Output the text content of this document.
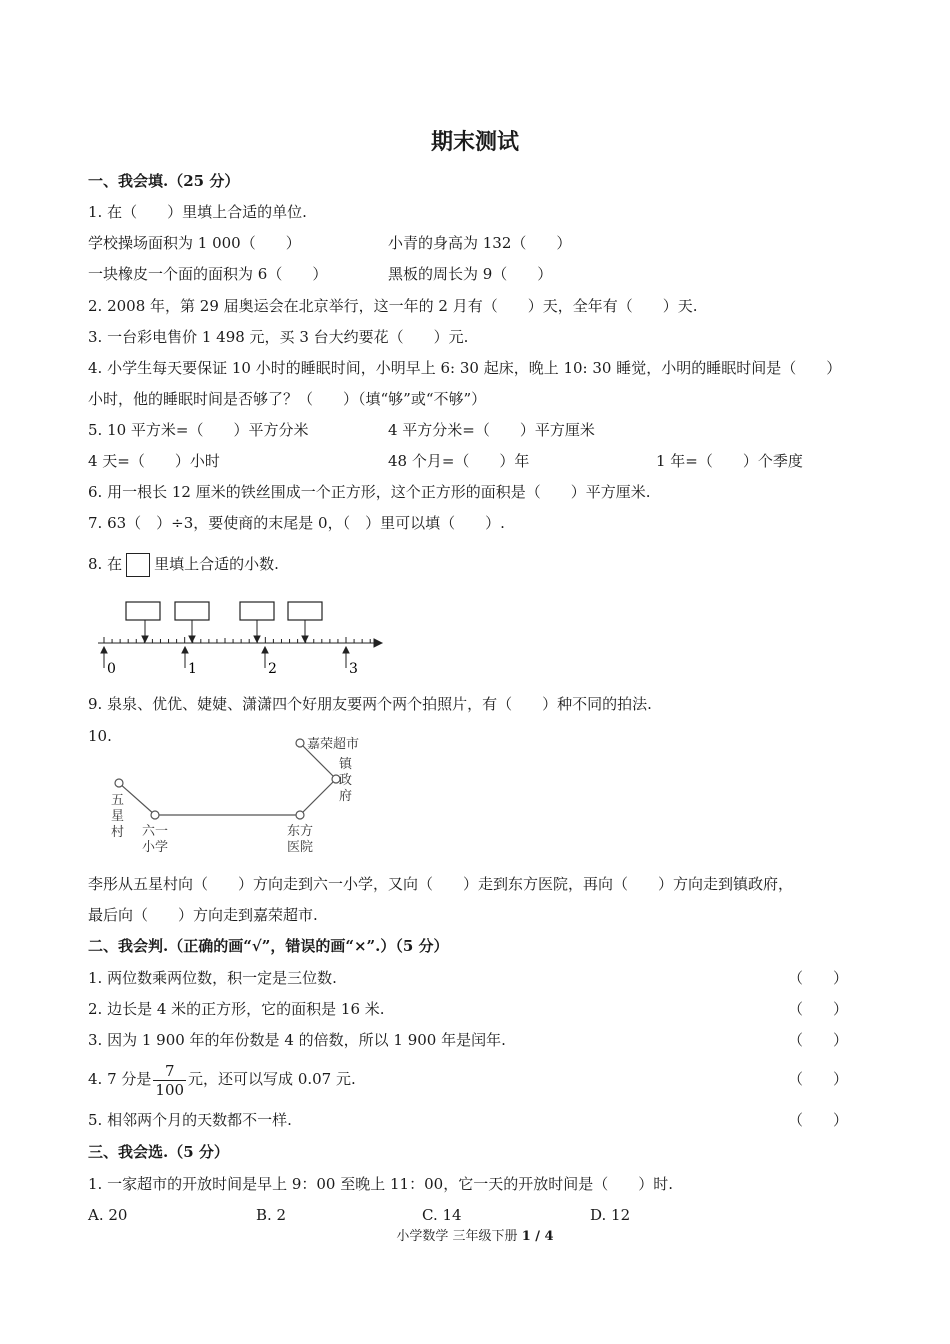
期末测试
一、我会填.（25 分）
1. 在（　　）里填上合适的单位.
学校操场面积为 1 000（　　）	小青的身高为 132（　　）
一块橡皮一个面的面积为 6（　　）	黑板的周长为 9（　　）
2. 2008 年，第 29 届奥运会在北京举行，这一年的 2 月有（　　）天，全年有（　　）天.
3. 一台彩电售价 1 498 元，买 3 台大约要花（　　）元.
4. 小学生每天要保证 10 小时的睡眠时间，小明早上 6: 30 起床，晚上 10: 30 睡觉，小明的睡眠时间是（　　）
小时，他的睡眠时间是否够了？（　　）（填“够”或“不够”）
5. 10 平方米=（　　）平方分米	4 平方分米=（　　）平方厘米
4 天=（　　）小时	48 个月=（　　）年	1 年=（　　）个季度
6. 用一根长 12 厘米的铁丝围成一个正方形，这个正方形的面积是（　　）平方厘米.
7. 63（　）÷3，要使商的末尾是 0，（　）里可以填（　　）.
8. 在 里填上合适的小数.
0	1	2	3
9. 泉泉、优优、婕婕、潇潇四个好朋友要两个两个拍照片，有（　　）种不同的拍法.
10.
五
星
村 六一
小学
东方
医院
镇
政
府
嘉荣超市
李彤从五星村向（　　）方向走到六一小学，又向（　　）走到东方医院，再向（　　）方向走到镇政府，
最后向（　　）方向走到嘉荣超市.
二、我会判.（正确的画“√”，错误的画“×”.）（5 分）
1. 两位数乘两位数，积一定是三位数.	（　　）
2. 边长是 4 米的正方形，它的面积是 16 米.	（　　）
3. 因为 1 900 年的年份数是 4 的倍数，所以 1 900 年是闰年.	（　　）
4. 7 分是 $\frac{7}{100}$ 元，还可以写成 0.07 元.	（　　）
5. 相邻两个月的天数都不一样.	（　　）
三、我会选.（5 分）
1. 一家超市的开放时间是早上 9：00 至晚上 11：00，它一天的开放时间是（　　）时.
A. 20	B. 2	C. 14	D. 12
小学数学 三年级下册 1 / 4
